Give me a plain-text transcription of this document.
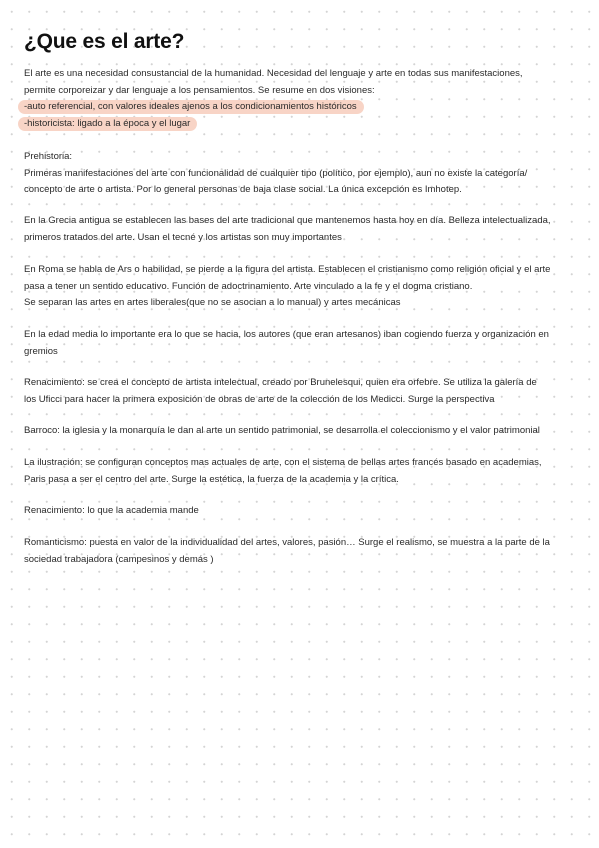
¿Que es el arte?
El arte es una necesidad consustancial de la humanidad. Necesidad del lenguaje y arte en todas sus manifestaciones,
permite corporeizar y dar lenguaje a los pensamientos. Se resume en dos visiones:
-auto referencial, con valores ideales ajenos a los condicionamientos históricos
-historicista: ligado a la época y el lugar
Prehistoria:
Primeras manifestaciones del arte con funcionalidad de cualquier tipo (político, por ejemplo), aun no existe la categoría/
concepto de arte o artista. Por lo general personas de baja clase social. La única excepción es Imhotep.
En la Grecia antigua se establecen las bases del arte tradicional que mantenemos hasta hoy en día. Belleza intelectualizada,
primeros tratados del arte. Usan el tecné y los artistas son muy importantes
En Roma se habla de Ars o habilidad, se pierde a la figura del artista. Establecen el cristianismo como religión oficial y el arte
pasa a tener un sentido educativo. Función de adoctrinamiento. Arte vinculado a la fe y el dogma cristiano.
Se separan las artes en artes liberales(que no se asocian a lo manual) y artes mecánicas
En la edad media lo importante era lo que se hacia, los autores (que eran artesanos) iban cogiendo fuerza y organización en
gremios
Renacimiento: se crea el concepto de artista intelectual, creado por Brunelesqui, quien era orfebre. Se utiliza la galería de
los Uficci para hacer la primera exposición de obras de arte de la colección de los Medicci. Surge la perspectiva
Barroco: la iglesia y la monarquía le dan al arte un sentido patrimonial, se desarrolla el coleccionismo y el valor patrimonial
La ilustración: se configuran conceptos mas actuales de arte, con el sistema de bellas artes francés basado en academias,
Paris pasa a ser el centro del arte. Surge la estética, la fuerza de la academia y la crítica.
Renacimiento: lo que la academia mande
Romanticismo: puesta en valor de la individualidad del artes, valores, pasión… Surge el realismo, se muestra a la parte de la
sociedad trabajadora (campesinos y demás )
